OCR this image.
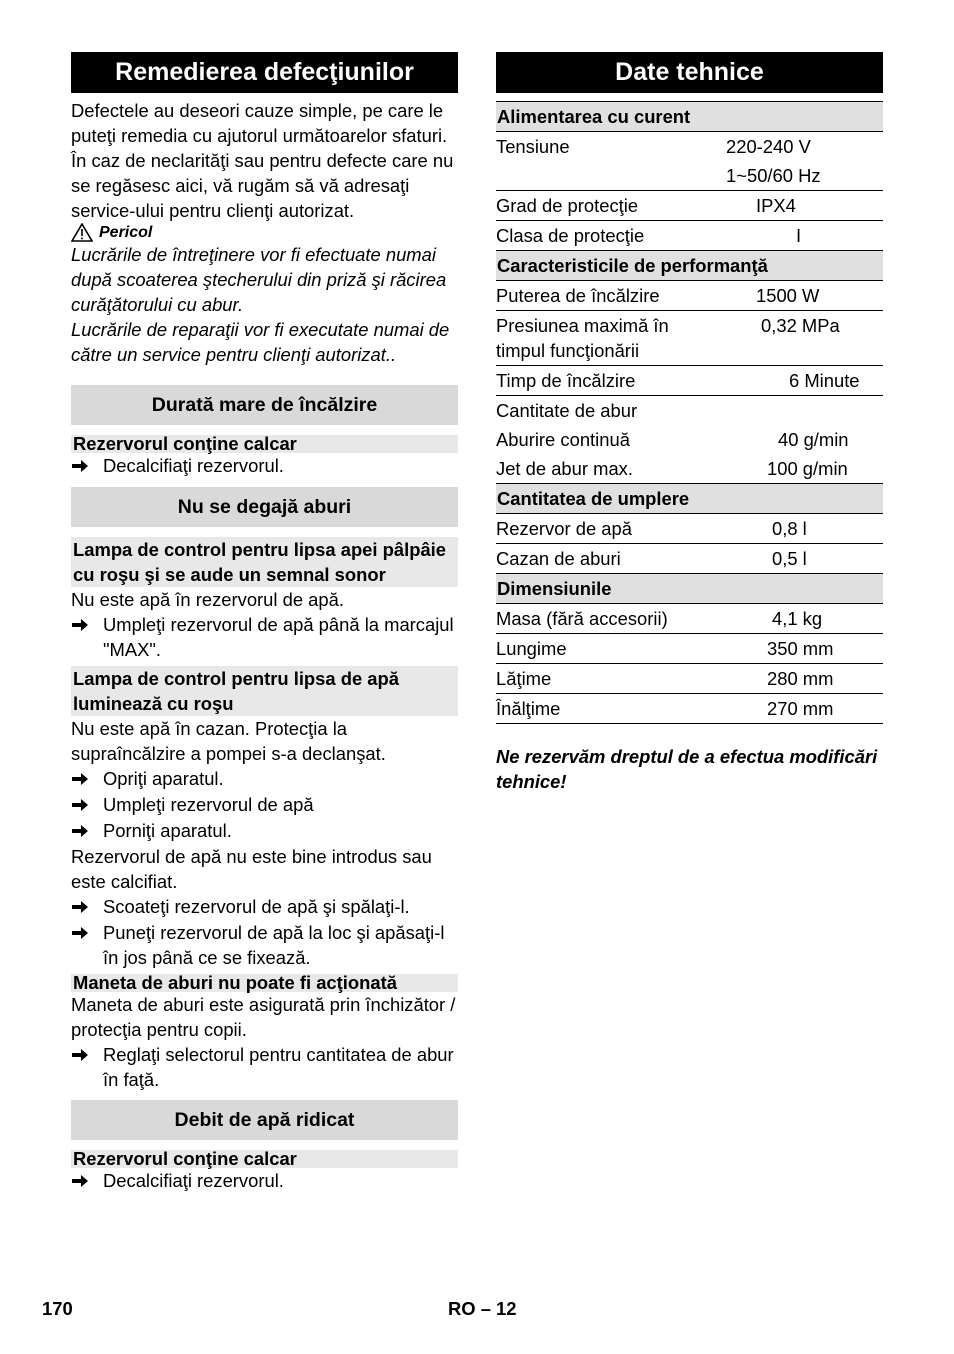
Remedierea defecţiunilor

Defectele au deseori cauze simple, pe care le puteţi remedia cu ajutorul următoarelor sfaturi. În caz de neclarităţi sau pentru defecte care nu se regăsesc aici, vă rugăm să vă adresaţi service-ului pentru clienţi autorizat.

Pericol

Lucrările de întreţinere vor fi efectuate numai după scoaterea ştecherului din priză şi răcirea curăţătorului cu abur.

Lucrările de reparaţii vor fi executate numai de către un service pentru clienţi autorizat..

Durată mare de încălzire
Rezervorul conţine calcar
Decalcifiaţi rezervorul.
Nu se degajă aburi
Lampa de control pentru lipsa apei pâlpâie cu roşu şi se aude un semnal sonor

Nu este apă în rezervorul de apă.

Umpleţi rezervorul de apă până la marcajul "MAX".
Lampa de control pentru lipsa de apă luminează cu roşu

Nu este apă în cazan. Protecţia la supraîncălzire a pompei s-a declanşat.

Opriţi aparatul.
Umpleţi rezervorul de apă
Porniţi aparatul.

Rezervorul de apă nu este bine introdus sau este calcifiat.

Scoateţi rezervorul de apă şi spălaţi-l.
Puneţi rezervorul de apă la loc şi apăsaţi-l în jos până ce se fixează.
Maneta de aburi nu poate fi acţionată

Maneta de aburi este asigurată prin închizător / protecţia pentru copii.

Reglaţi selectorul pentru cantitatea de abur în faţă.
Debit de apă ridicat
Rezervorul conţine calcar
Decalcifiaţi rezervorul.
Date tehnice
Alimentarea cu curent	
Tensiune	220-240 V
	1~50/60 Hz
Grad de protecţie	IPX4
Clasa de protecţie	I
Caracteristicile de performanţă	
Puterea de încălzire	1500 W
Presiunea maximă în timpul funcţionării	0,32 MPa
Timp de încălzire	6 Minute
Cantitate de abur	
Aburire continuă	40 g/min
Jet de abur max.	100 g/min
Cantitatea de umplere	
Rezervor de apă	0,8 l
Cazan de aburi	0,5 l
Dimensiunile	
Masa (fără accesorii)	4,1 kg
Lungime	350 mm
Lăţime	280 mm
Înălţime	270 mm

Ne rezervăm dreptul de a efectua modificări tehnice!

170	RO – 12
